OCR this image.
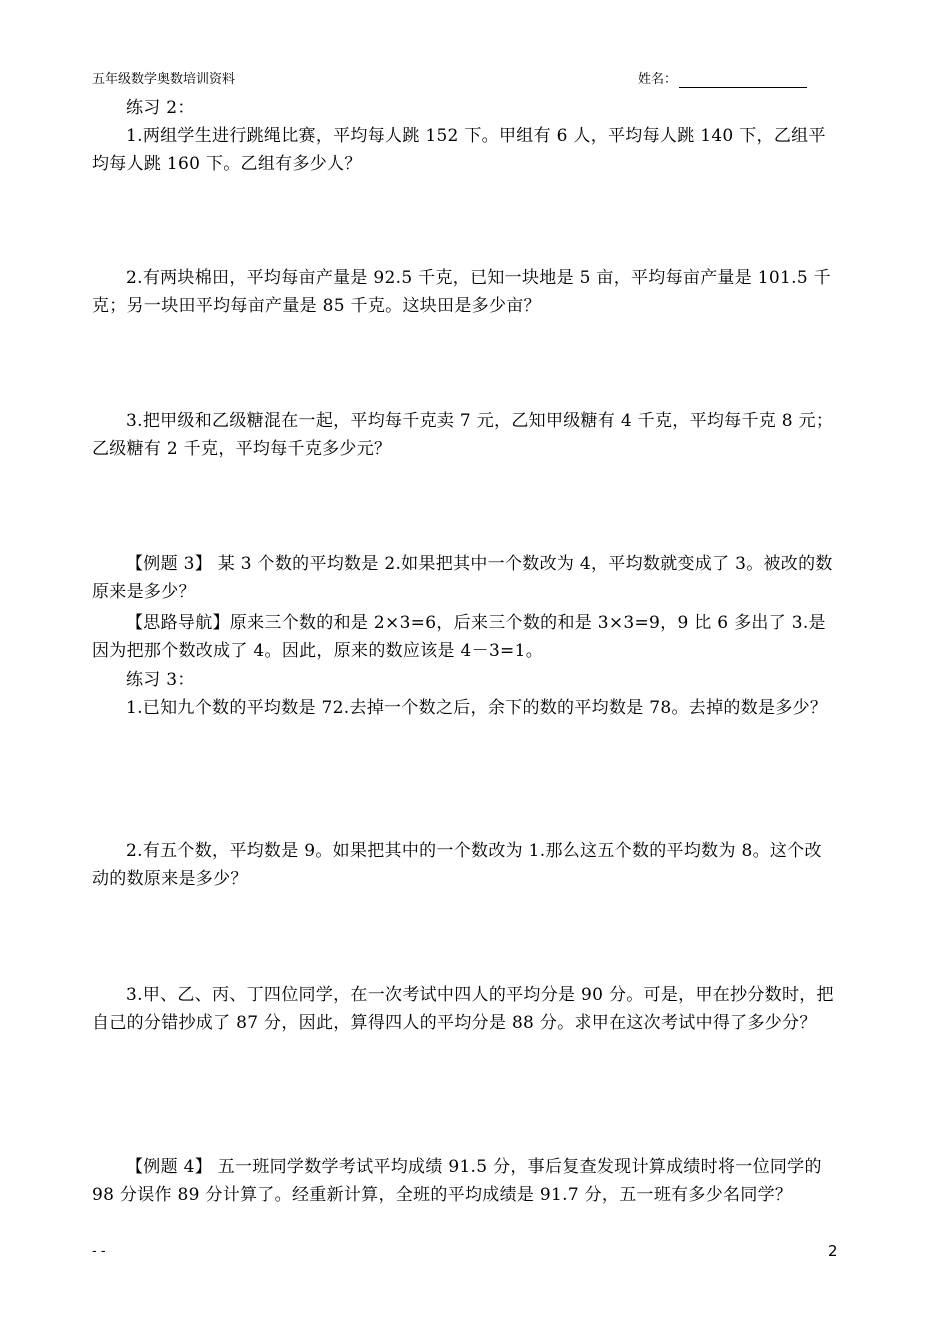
五年级数学奥数培训资料	姓名：

练习 2：

1.两组学生进行跳绳比赛，平均每人跳 152 下。甲组有 6 人，平均每人跳 140 下，乙组平均每人跳 160 下。乙组有多少人？

2.有两块棉田，平均每亩产量是 92.5 千克，已知一块地是 5 亩，平均每亩产量是 101.5 千克；另一块田平均每亩产量是 85 千克。这块田是多少亩？

3.把甲级和乙级糖混在一起，平均每千克卖 7 元，乙知甲级糖有 4 千克，平均每千克 8 元；乙级糖有 2 千克，平均每千克多少元？

【例题 3】 某 3 个数的平均数是 2.如果把其中一个数改为 4，平均数就变成了 3。被改的数原来是多少？

【思路导航】原来三个数的和是 2×3=6，后来三个数的和是 3×3=9，9 比 6 多出了 3.是因为把那个数改成了 4。因此，原来的数应该是 4－3=1。

练习 3：

1.已知九个数的平均数是 72.去掉一个数之后，余下的数的平均数是 78。去掉的数是多少？

2.有五个数，平均数是 9。如果把其中的一个数改为 1.那么这五个数的平均数为 8。这个改动的数原来是多少？

3.甲、乙、丙、丁四位同学，在一次考试中四人的平均分是 90 分。可是，甲在抄分数时，把自己的分错抄成了 87 分，因此，算得四人的平均分是 88 分。求甲在这次考试中得了多少分？

【例题 4】 五一班同学数学考试平均成绩 91.5 分，事后复查发现计算成绩时将一位同学的 98 分误作 89 分计算了。经重新计算，全班的平均成绩是 91.7 分，五一班有多少名同学？

- -	2
